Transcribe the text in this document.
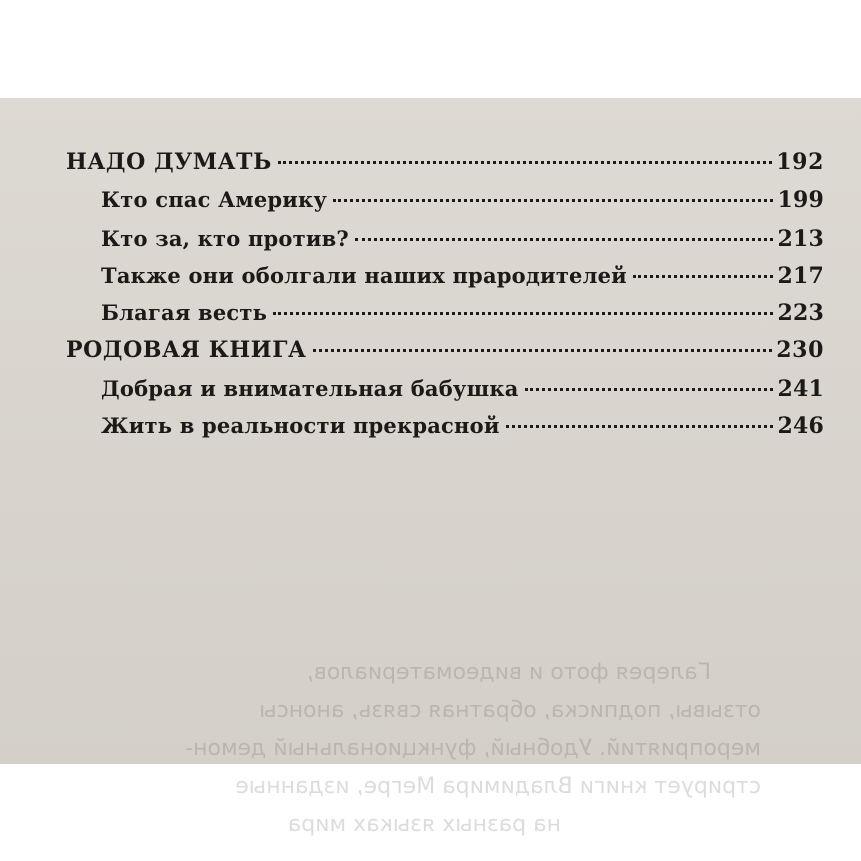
Галерея фото и видеоматериалов,
отзывы, подписка, обратная связь, анонсы
мероприятий. Удобный, функциональный демон-
стрирует книги Владимира Мегре, изданные
на разных языках мира
НАДО ДУМАТЬ	192
Кто спас Америку	199
Кто за, кто против?	213
Также они оболгали наших прародителей	217
Благая весть	223
РОДОВАЯ КНИГА	230
Добрая и внимательная бабушка	241
Жить в реальности прекрасной	246
